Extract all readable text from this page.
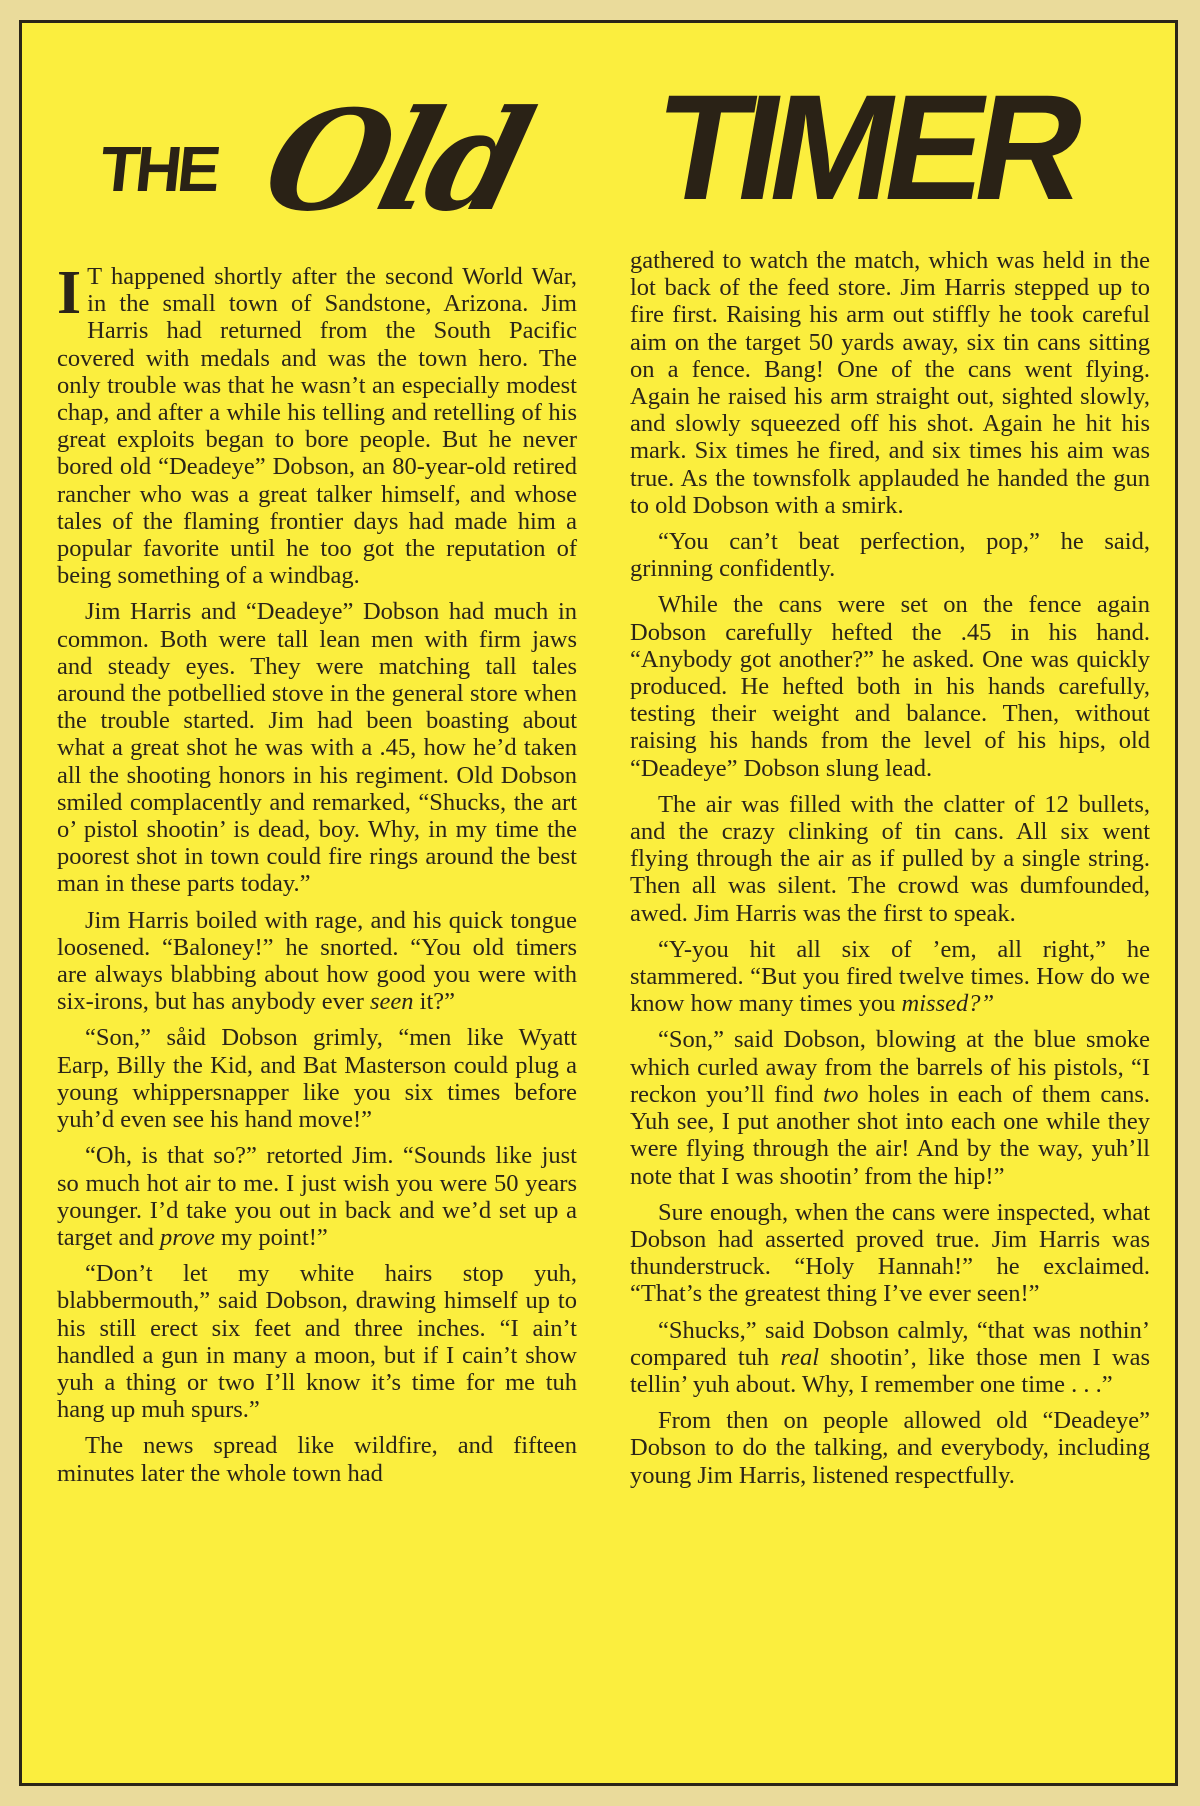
THE Old TIMER

I T happened shortly after the second World War, in the small town of Sandstone, Arizona. Jim Harris had returned from the South Pacific covered with medals and was the town hero. The only trouble was that he wasn’t an especially modest chap, and after a while his telling and retelling of his great exploits began to bore people. But he never bored old “Deadeye” Dobson, an 80-year-old retired rancher who was a great talker himself, and whose tales of the flaming frontier days had made him a popular favorite until he too got the reputation of being something of a windbag.

Jim Harris and “Deadeye” Dobson had much in common. Both were tall lean men with firm jaws and steady eyes. They were matching tall tales around the potbellied stove in the general store when the trouble started. Jim had been boasting about what a great shot he was with a .45, how he’d taken all the shooting honors in his regiment. Old Dobson smiled complacently and remarked, “Shucks, the art o’ pistol shootin’ is dead, boy. Why, in my time the poorest shot in town could fire rings around the best man in these parts today.”

Jim Harris boiled with rage, and his quick tongue loosened. “Baloney!” he snorted. “You old timers are always blabbing about how good you were with six-irons, but has anybody ever seen it?”

“Son,” såid Dobson grimly, “men like Wyatt Earp, Billy the Kid, and Bat Masterson could plug a young whippersnapper like you six times before yuh’d even see his hand move!”

“Oh, is that so?” retorted Jim. “Sounds like just so much hot air to me. I just wish you were 50 years younger. I’d take you out in back and we’d set up a target and prove my point!”

“Don’t let my white hairs stop yuh, blabbermouth,” said Dobson, drawing himself up to his still erect six feet and three inches. “I ain’t handled a gun in many a moon, but if I cain’t show yuh a thing or two I’ll know it’s time for me tuh hang up muh spurs.”

The news spread like wildfire, and fifteen minutes later the whole town had

gathered to watch the match, which was held in the lot back of the feed store. Jim Harris stepped up to fire first. Raising his arm out stiffly he took careful aim on the target 50 yards away, six tin cans sitting on a fence. Bang! One of the cans went flying. Again he raised his arm straight out, sighted slowly, and slowly squeezed off his shot. Again he hit his mark. Six times he fired, and six times his aim was true. As the townsfolk applauded he handed the gun to old Dobson with a smirk.

“You can’t beat perfection, pop,” he said, grinning confidently.

While the cans were set on the fence again Dobson carefully hefted the .45 in his hand. “Anybody got another?” he asked. One was quickly produced. He hefted both in his hands carefully, testing their weight and balance. Then, without raising his hands from the level of his hips, old “Deadeye” Dobson slung lead.

The air was filled with the clatter of 12 bullets, and the crazy clinking of tin cans. All six went flying through the air as if pulled by a single string. Then all was silent. The crowd was dumfounded, awed. Jim Harris was the first to speak.

“Y-you hit all six of ’em, all right,” he stammered. “But you fired twelve times. How do we know how many times you missed?”

“Son,” said Dobson, blowing at the blue smoke which curled away from the barrels of his pistols, “I reckon you’ll find two holes in each of them cans. Yuh see, I put another shot into each one while they were flying through the air! And by the way, yuh’ll note that I was shootin’ from the hip!”

Sure enough, when the cans were inspected, what Dobson had asserted proved true. Jim Harris was thunderstruck. “Holy Hannah!” he exclaimed. “That’s the greatest thing I’ve ever seen!”

“Shucks,” said Dobson calmly, “that was nothin’ compared tuh real shootin’, like those men I was tellin’ yuh about. Why, I remember one time . . .”

From then on people allowed old “Deadeye” Dobson to do the talking, and everybody, including young Jim Harris, listened respectfully.
